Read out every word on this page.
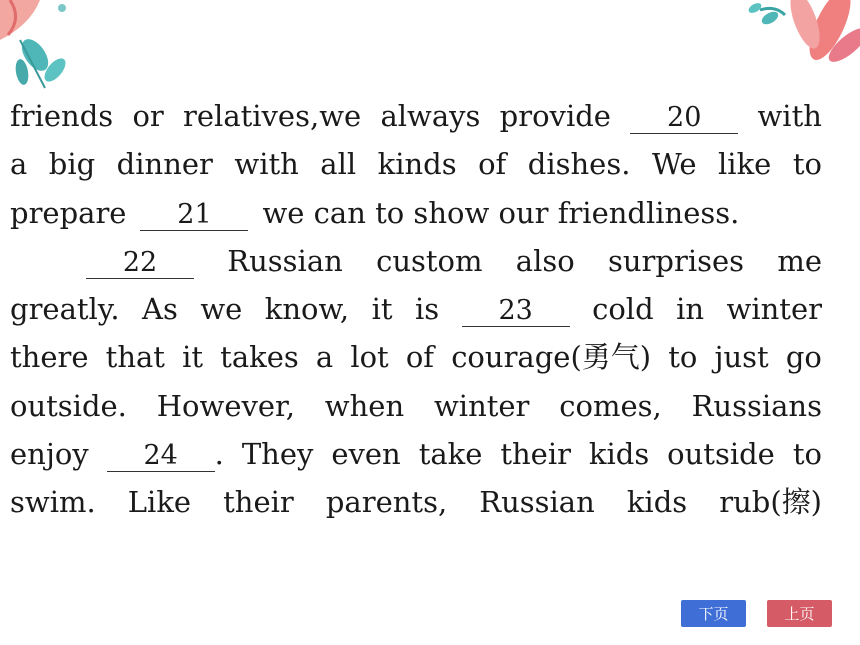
friends or relatives,we always provide	20	with
a big dinner with all kinds of dishes. We like to
prepare	21	we can to show our friendliness.
22	Russian custom also surprises me
greatly. As we know, it is	23	cold in winter
there that it takes a lot of courage(勇气) to just go
outside. However, when winter comes, Russians
enjoy	24	. They even take their kids outside to
swim. Like their parents, Russian kids rub(擦)
下页	上页
